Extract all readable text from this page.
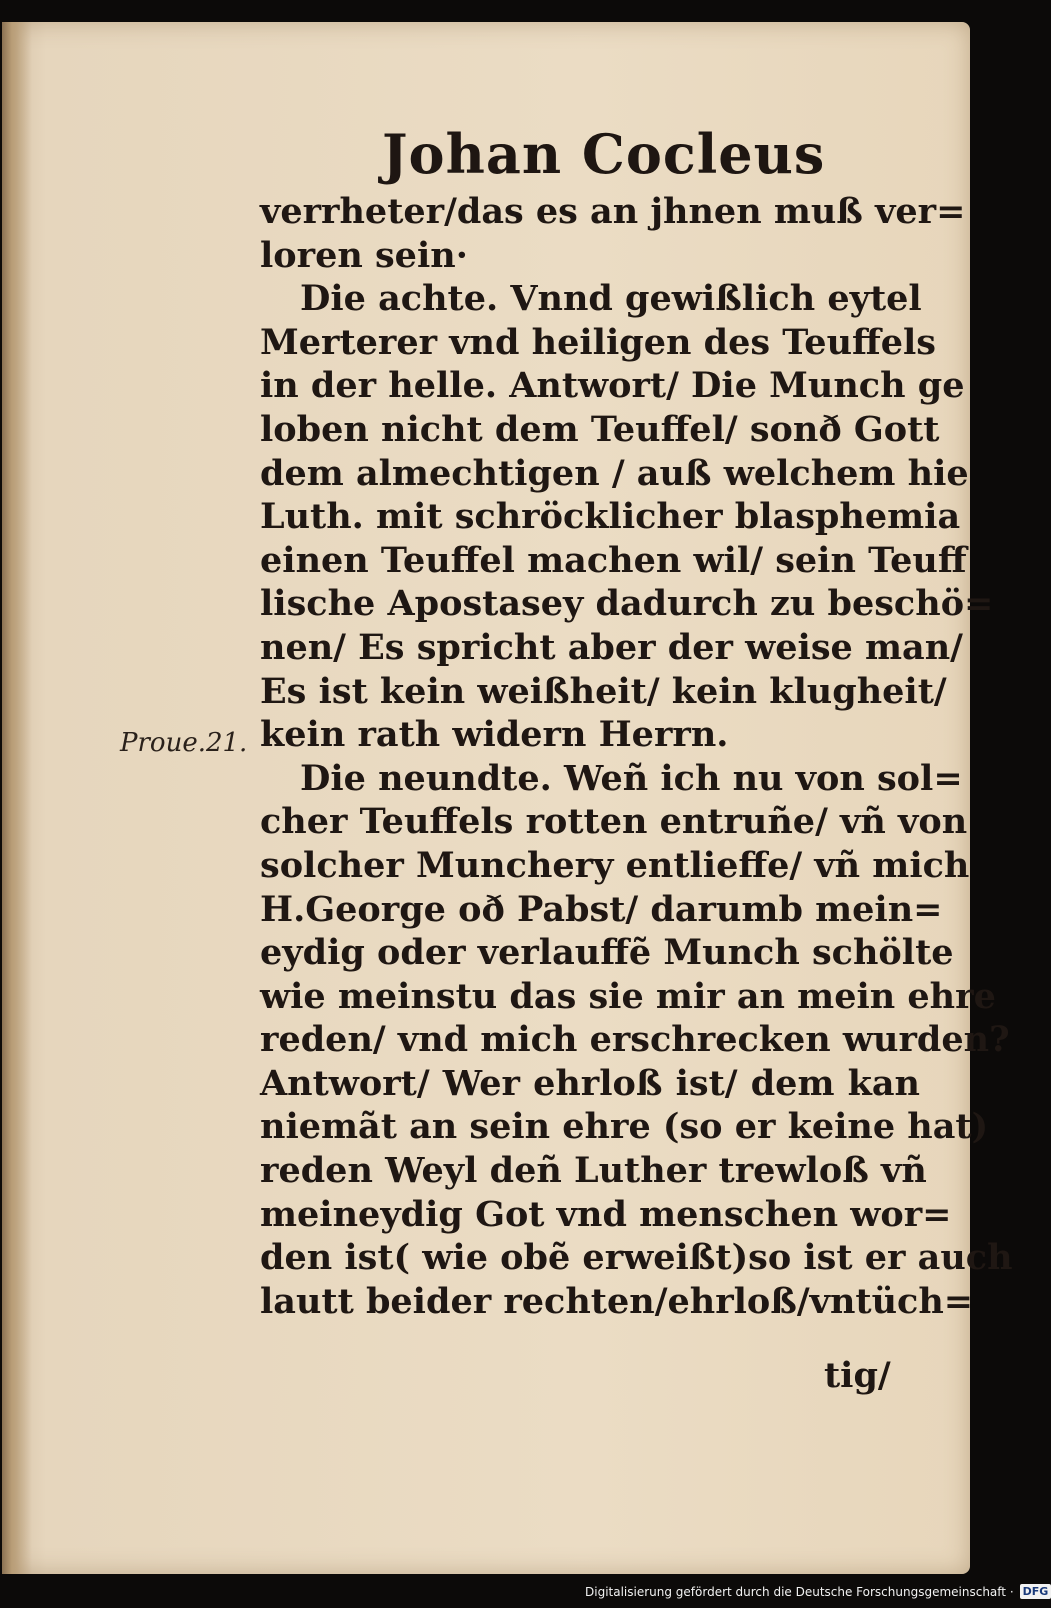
Johan Cocleus
verrheter/das es an jhnen muß ver=
loren sein·
Die achte. Vnnd gewißlich eytel
Merterer vnd heiligen des Teuffels
in der helle. Antwort/ Die Munch ge
loben nicht dem Teuffel/ sonð Gott
dem almechtigen / auß welchem hie
Luth. mit schröcklicher blasphemia
einen Teuffel machen wil/ sein Teuff
lische Apostasey dadurch zu beschö=
nen/ Es spricht aber der weise man/
Es ist kein weißheit/ kein klugheit/
kein rath widern Herrn.
Die neundte. Weñ ich nu von sol=
cher Teuffels rotten entruñe/ vñ von
solcher Munchery entlieffe/ vñ mich
H.George oð Pabst/ darumb mein=
eydig oder verlauffẽ Munch schölte
wie meinstu das sie mir an mein ehre
reden/ vnd mich erschrecken wurden?
Antwort/ Wer ehrloß ist/ dem kan
niemãt an sein ehre (so er keine hat)
reden Weyl deñ Luther trewloß vñ
meineydig Got vnd menschen wor=
den ist( wie obẽ erweißt)so ist er auch
lautt beider rechten/ehrloß/vntüch=
Proue.21.
tig/
Digitalisierung gefördert durch die Deutsche Forschungsgemeinschaft · DFG
